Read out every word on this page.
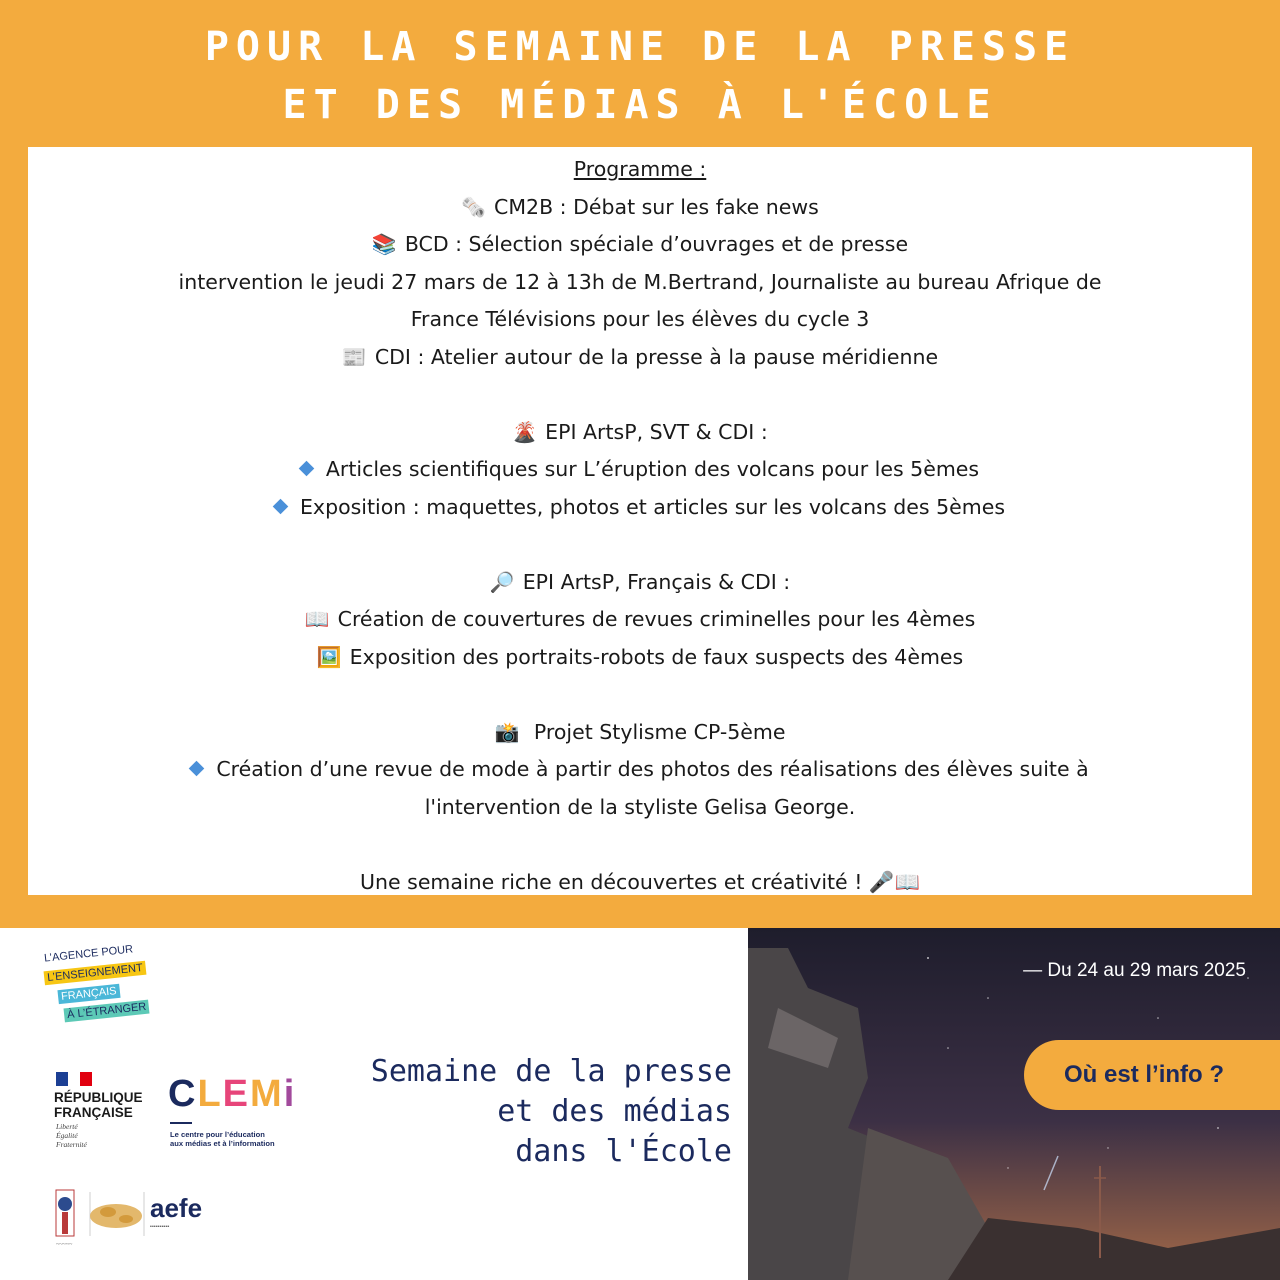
POUR LA SEMAINE DE LA PRESSE
ET DES MÉDIAS À L'ÉCOLE
Programme :
🗞️ CM2B : Débat sur les fake news
📚 BCD : Sélection spéciale d’ouvrages et de presse
intervention le jeudi 27 mars de 12 à 13h de M.Bertrand, Journaliste au bureau Afrique de
France Télévisions pour les élèves du cycle 3
📰 CDI : Atelier autour de la presse à la pause méridienne
🌋 EPI ArtsP, SVT & CDI :
Articles scientifiques sur L’éruption des volcans pour les 5èmes
Exposition : maquettes, photos et articles sur les volcans des 5èmes
🔎 EPI ArtsP, Français & CDI :
📖 Création de couvertures de revues criminelles pour les 4èmes
🖼️ Exposition des portraits-robots de faux suspects des 4èmes
📸 Projet Stylisme CP-5ème
Création d’une revue de mode à partir des photos des réalisations des élèves suite à
l'intervention de la styliste Gelisa George.
Une semaine riche en découvertes et créativité ! 🎤📖
L’AGENCE POUR
L’ENSEIGNEMENT
FRANÇAIS
À L’ÉTRANGER
RÉPUBLIQUE
FRANÇAISE
Liberté
Égalité
Fraternité
CLEMi
Le centre pour l’éducation
aux médias et à l’information
aefe
▪▪▪▪▪▪▪▪▪▪
~~~~~
Semaine de la presse
et des médias
dans l'École
— Du 24 au 29 mars 2025
Où est l’info ?
